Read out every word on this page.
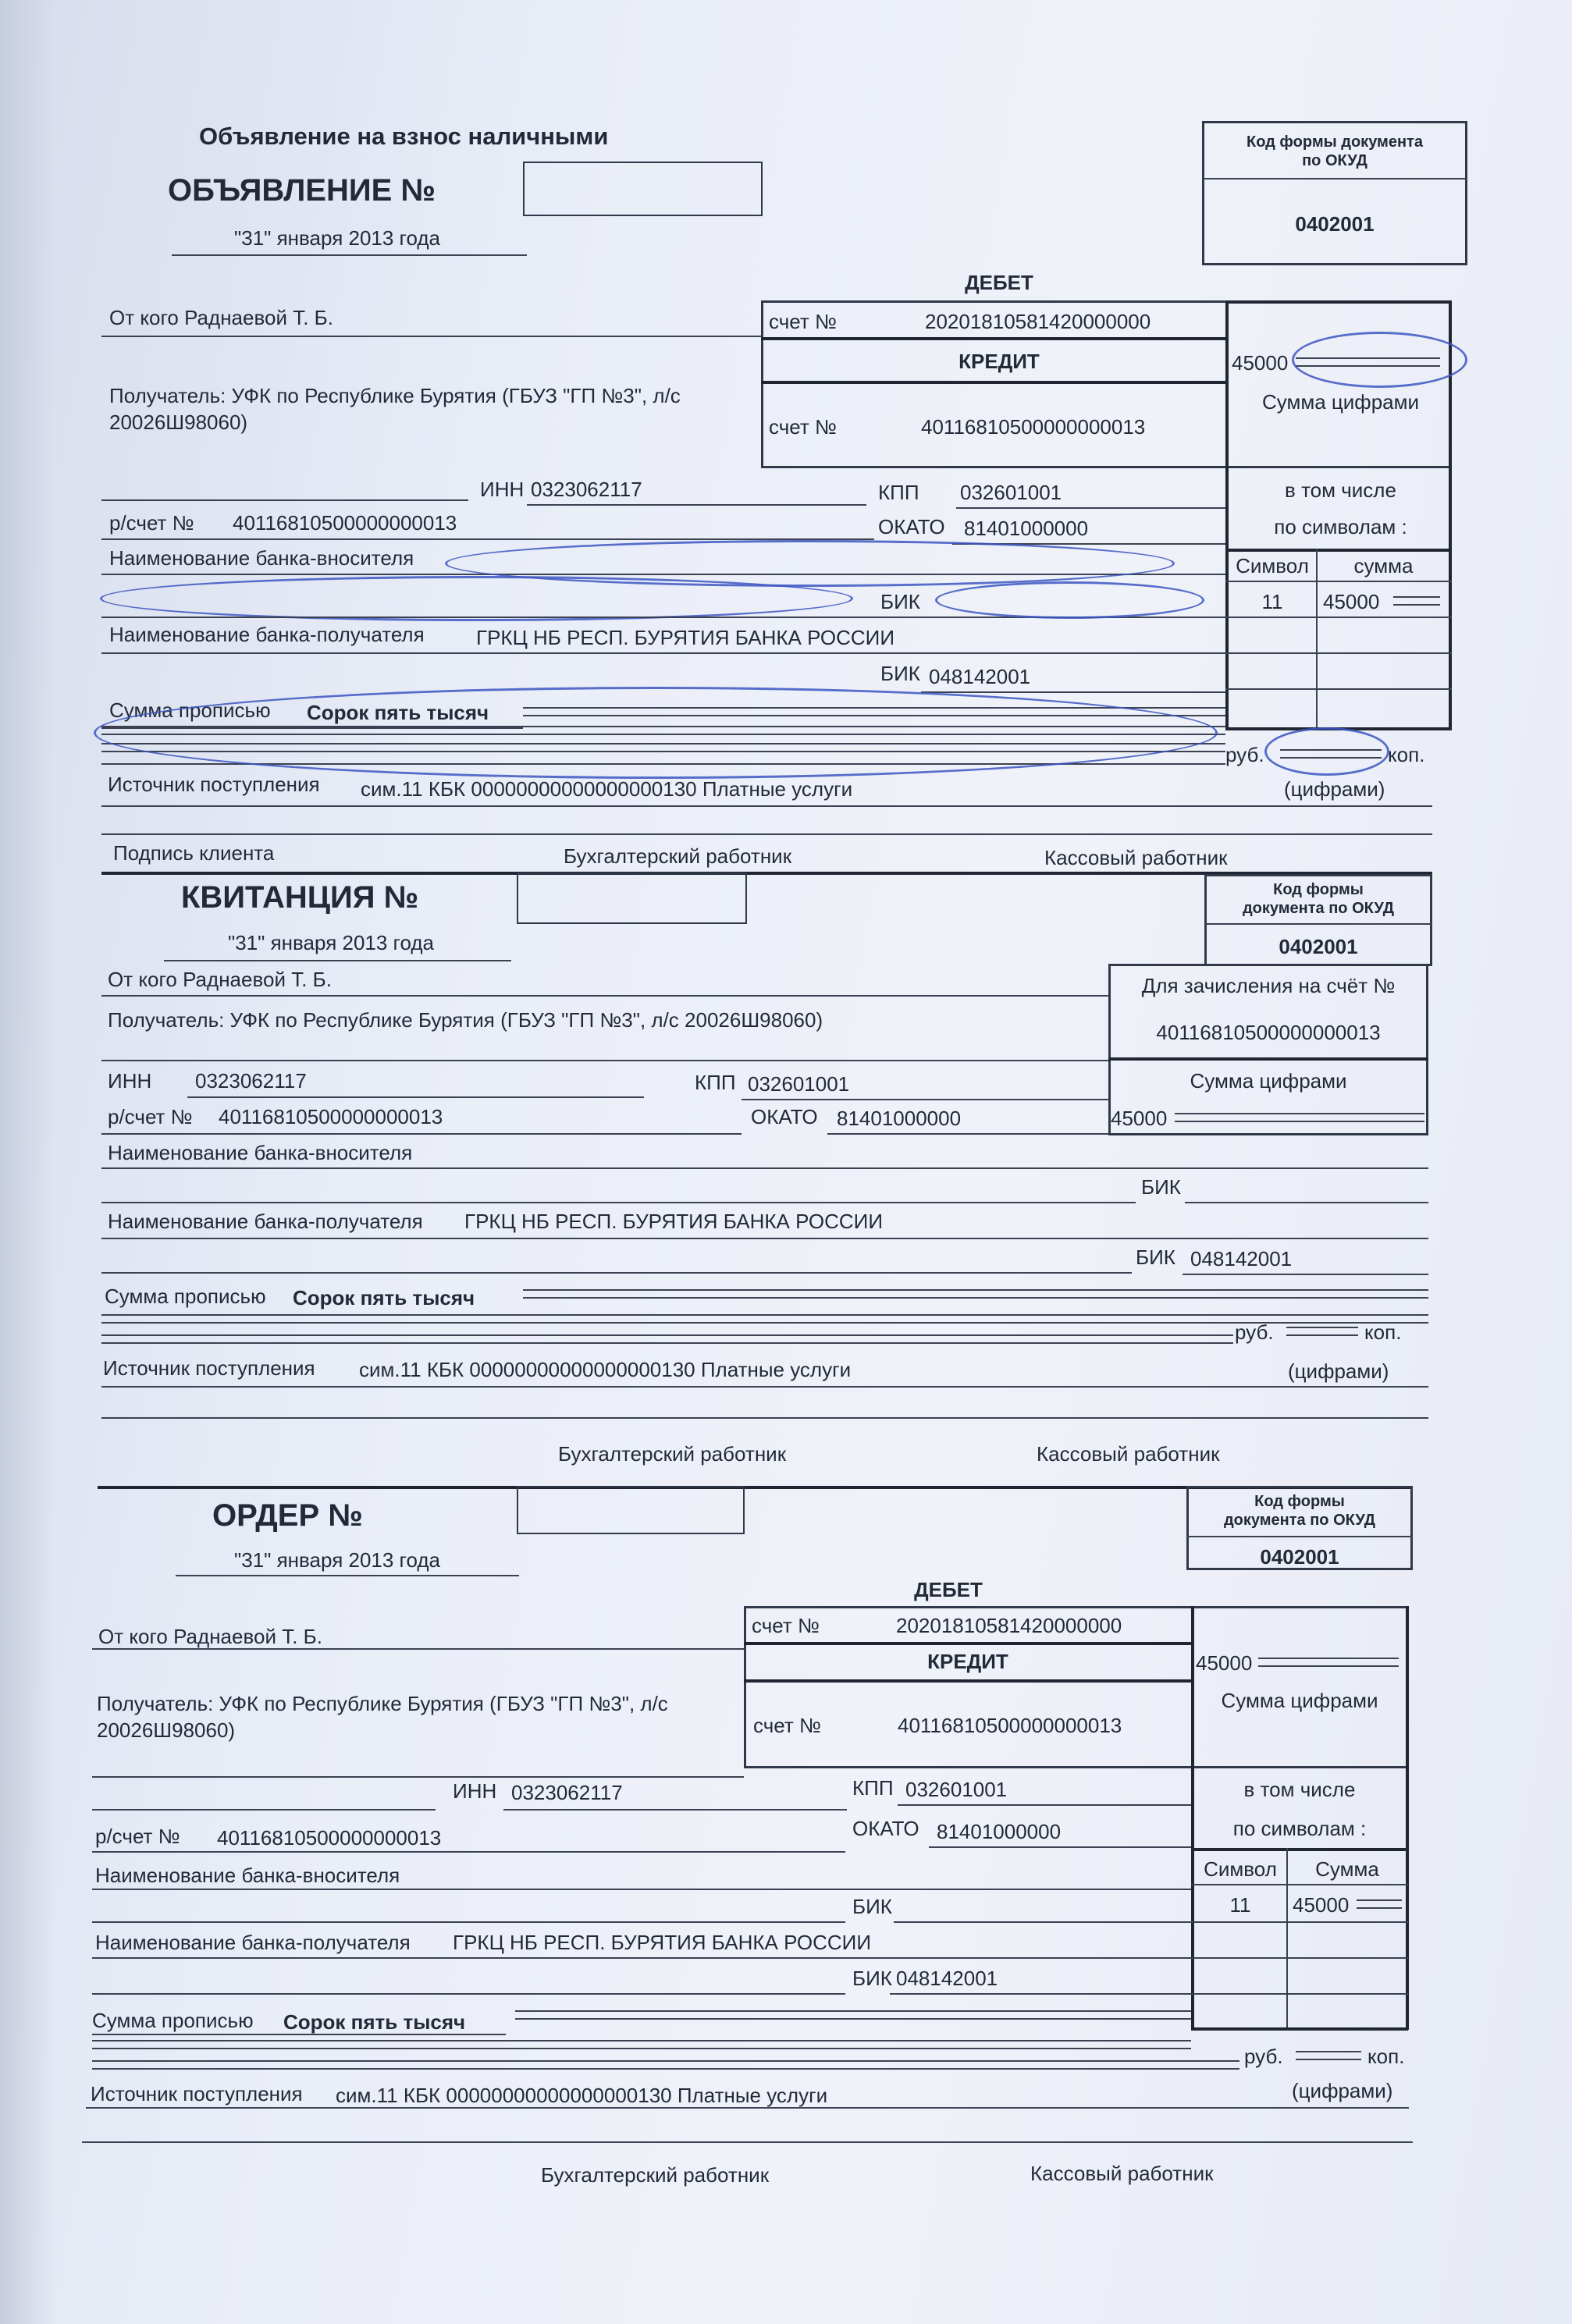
Объявление на взнос наличными
ОБЪЯВЛЕНИЕ №
"31" января 2013 года
Код формы документа
по ОКУД
0402001
ДЕБЕТ
От кого Раднаевой Т. Б.	счет №	20201810581420000000
КРЕДИТ
счет №	40116810500000000013
45000
Сумма цифрами
Получатель: УФК по Республике Бурятия (ГБУЗ "ГП №3", л/с
20026Ш98060)
ИНН 0323062117	КПП 032601001	в том числе
по символам :
р/счет № 40116810500000000013	ОКАТО 81401000000
Наименование банка-вносителя	Символ	сумма
11	45000
БИК
Наименование банка-получателя	ГРКЦ НБ РЕСП. БУРЯТИЯ БАНКА РОССИИ
БИК 048142001
Сумма прописью Сорок пять тысяч
руб.	коп.
Источник поступления сим.11 КБК 00000000000000000130 Платные услуги	(цифрами)
Подпись клиента	Бухгалтерский работник	Кассовый работник
КВИТАНЦИЯ №
"31" января 2013 года
Код формы
документа по ОКУД
0402001
От кого Раднаевой Т. Б.	Для зачисления на счёт №
40116810500000000013
Сумма цифрами
45000
Получатель: УФК по Республике Бурятия (ГБУЗ "ГП №3", л/с 20026Ш98060)
ИНН 0323062117	КПП 032601001
р/счет № 40116810500000000013	ОКАТО 81401000000
Наименование банка-вносителя
БИК
Наименование банка-получателя ГРКЦ НБ РЕСП. БУРЯТИЯ БАНКА РОССИИ
БИК 048142001
Сумма прописью Сорок пять тысяч
руб.	коп.
Источник поступления сим.11 КБК 00000000000000000130 Платные услуги	(цифрами)
Бухгалтерский работник	Кассовый работник
ОРДЕР №
"31" января 2013 года
Код формы
документа по ОКУД
0402001
ДЕБЕТ
От кого Раднаевой Т. Б.	счет №	20201810581420000000
КРЕДИТ
счет №	40116810500000000013
45000
Сумма цифрами
Получатель: УФК по Республике Бурятия (ГБУЗ "ГП №3", л/с
20026Ш98060)
ИНН 0323062117	КПП 032601001	в том числе
по символам :
р/счет № 40116810500000000013	ОКАТО 81401000000
Символ	Сумма
11	45000
Наименование банка-вносителя
БИК
Наименование банка-получателя ГРКЦ НБ РЕСП. БУРЯТИЯ БАНКА РОССИИ
БИК 048142001
Сумма прописью Сорок пять тысяч
руб.	коп.
Источник поступления сим.11 КБК 00000000000000000130 Платные услуги	(цифрами)
Бухгалтерский работник	Кассовый работник
